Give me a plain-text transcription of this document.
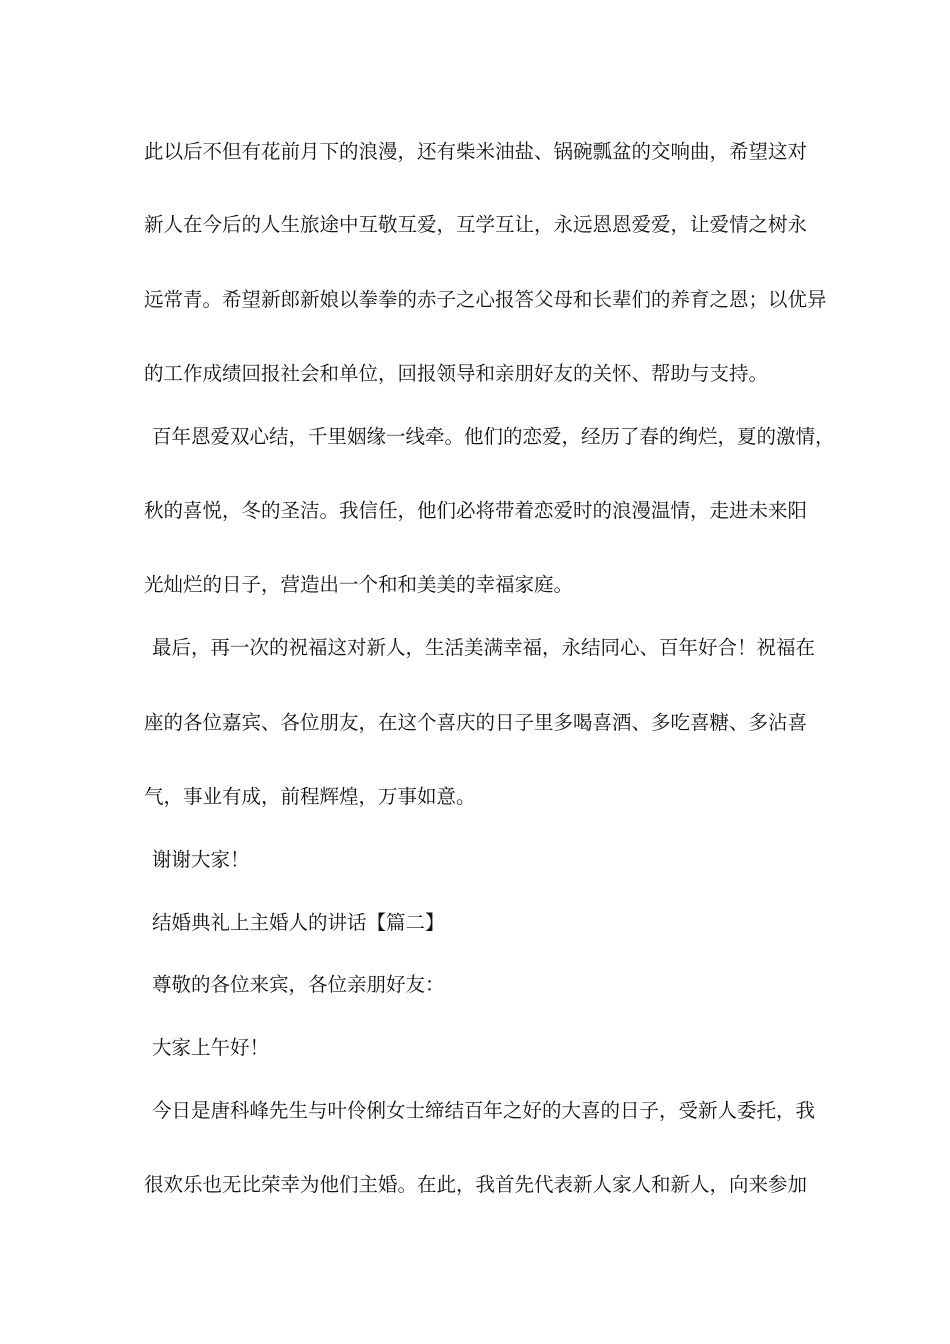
此以后不但有花前月下的浪漫，还有柴米油盐、锅碗瓢盆的交响曲，希望这对
新人在今后的人生旅途中互敬互爱，互学互让，永远恩恩爱爱，让爱情之树永
远常青。希望新郎新娘以拳拳的赤子之心报答父母和长辈们的养育之恩；以优异
的工作成绩回报社会和单位，回报领导和亲朋好友的关怀、帮助与支持。
百年恩爱双心结，千里姻缘一线牵。他们的恋爱，经历了春的绚烂，夏的激情，
秋的喜悦，冬的圣洁。我信任，他们必将带着恋爱时的浪漫温情，走进未来阳
光灿烂的日子，营造出一个和和美美的幸福家庭。
最后，再一次的祝福这对新人，生活美满幸福，永结同心、百年好合！祝福在
座的各位嘉宾、各位朋友，在这个喜庆的日子里多喝喜酒、多吃喜糖、多沾喜
气，事业有成，前程辉煌，万事如意。
谢谢大家！
结婚典礼上主婚人的讲话【篇二】
尊敬的各位来宾，各位亲朋好友：
大家上午好！
今日是唐科峰先生与叶伶俐女士缔结百年之好的大喜的日子，受新人委托，我
很欢乐也无比荣幸为他们主婚。在此，我首先代表新人家人和新人，向来参加
